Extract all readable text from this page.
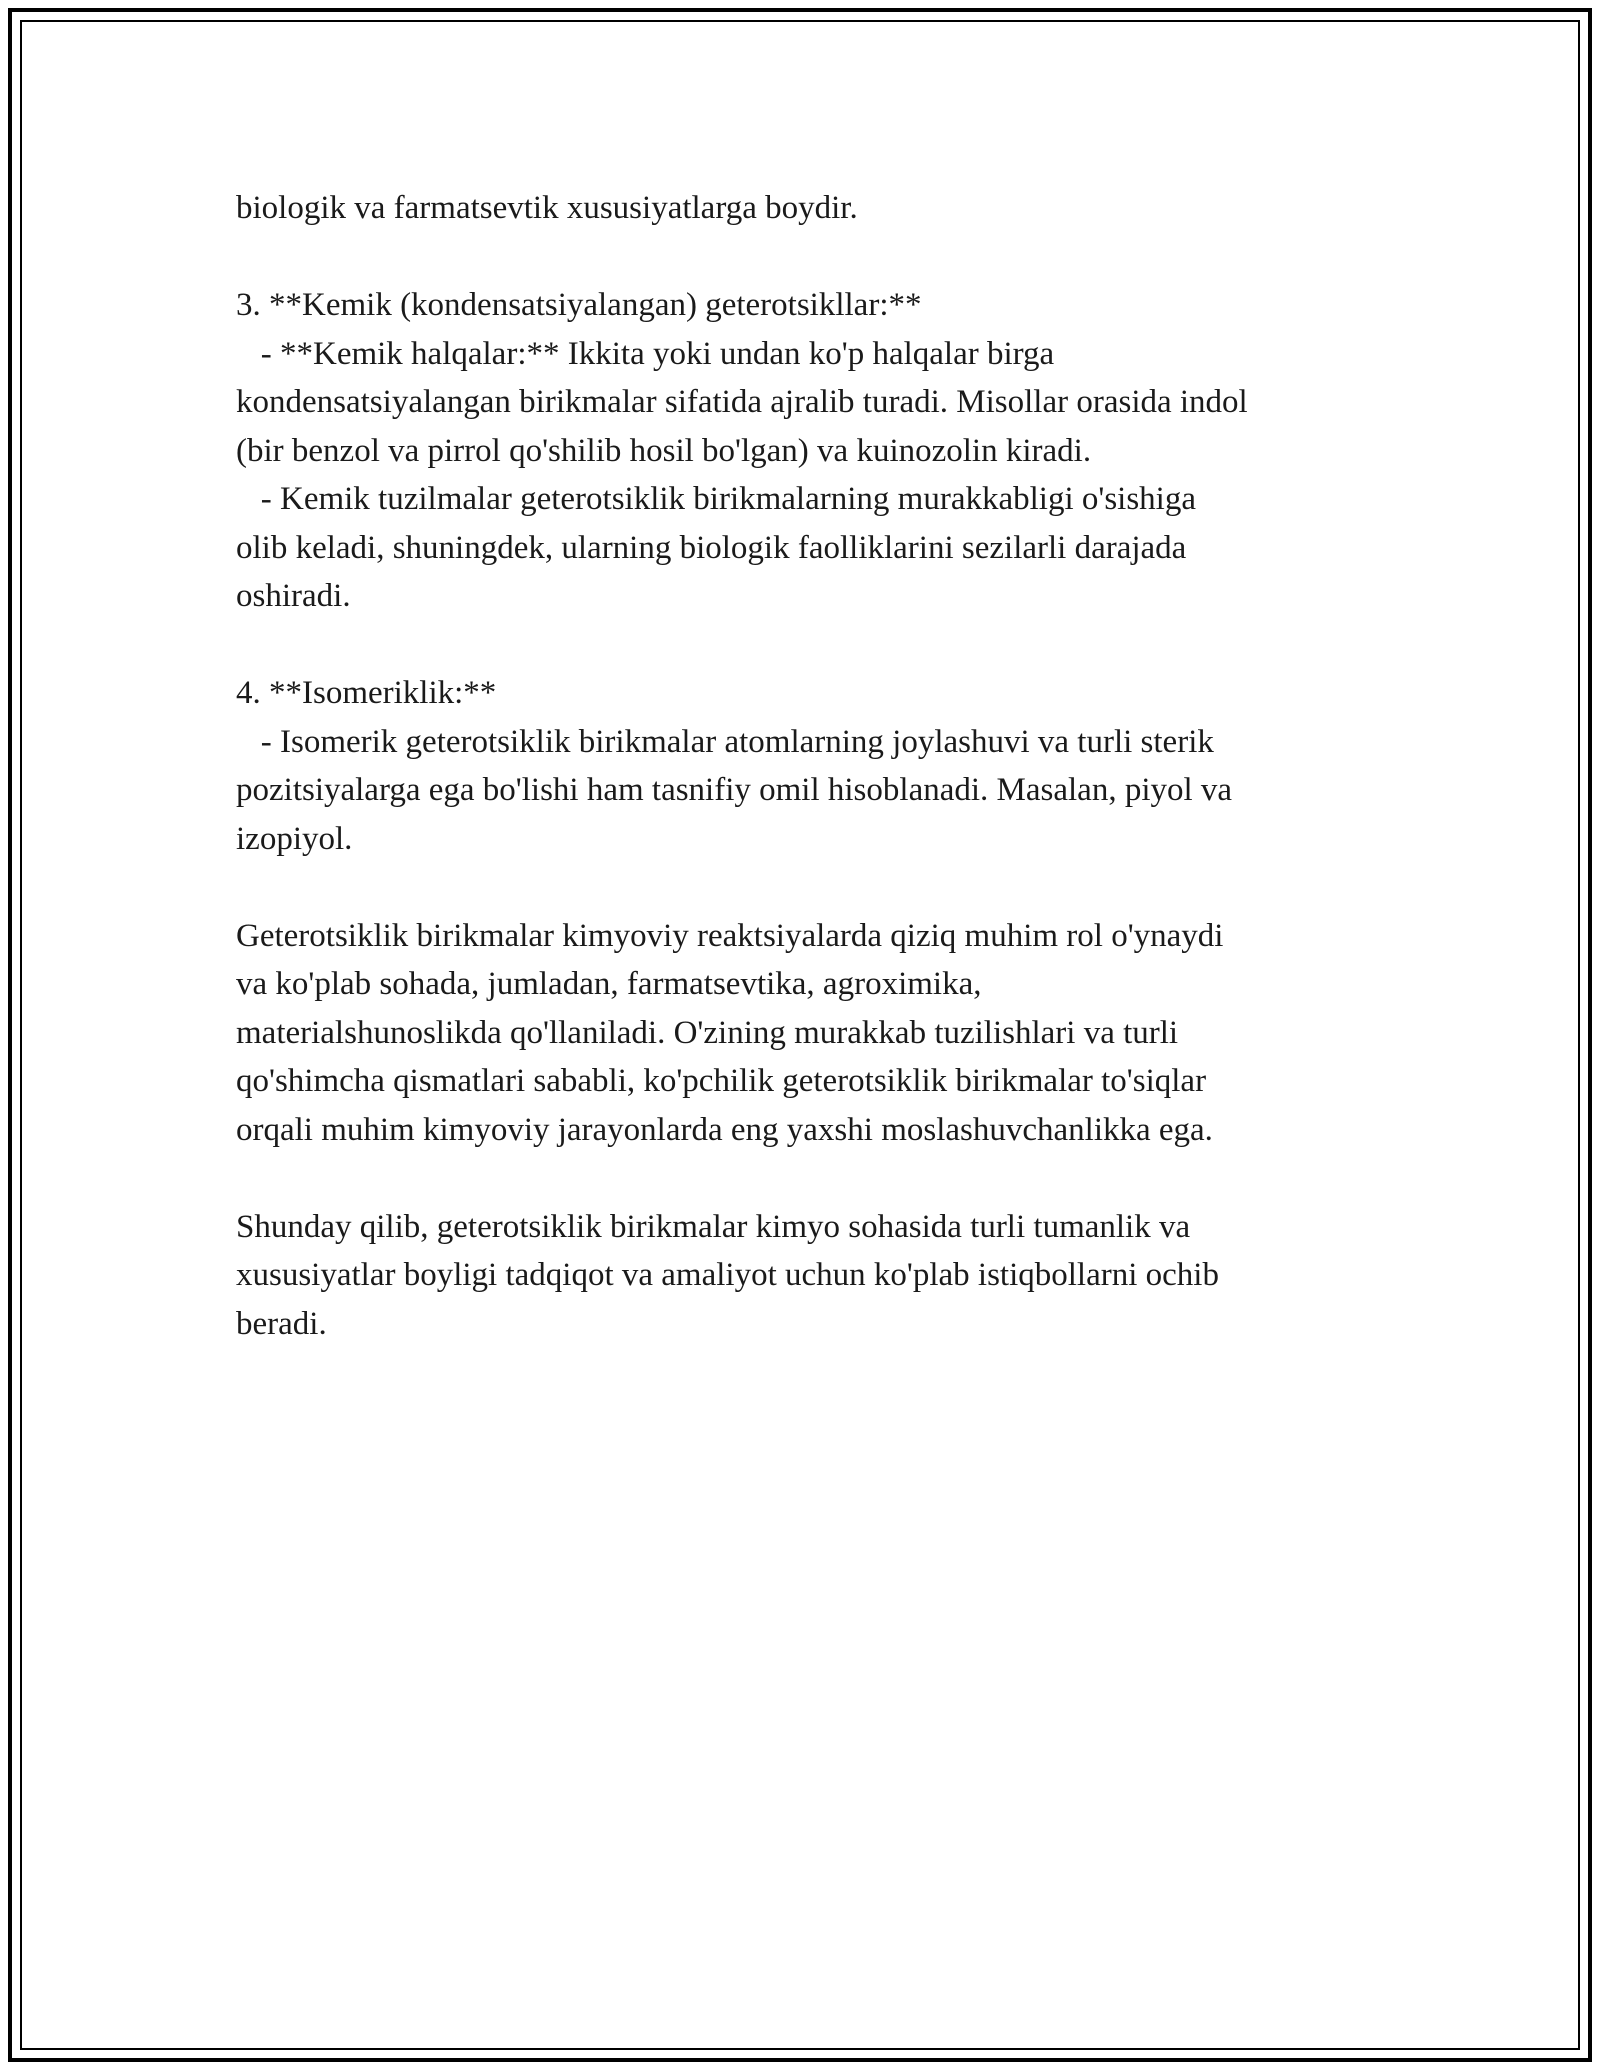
biologik va farmatsevtik xususiyatlarga boydir.
3. **Kemik (kondensatsiyalangan) geterotsikllar:**
- **Kemik halqalar:** Ikkita yoki undan ko'p halqalar birga
kondensatsiyalangan birikmalar sifatida ajralib turadi. Misollar orasida indol
(bir benzol va pirrol qo'shilib hosil bo'lgan) va kuinozolin kiradi.
- Kemik tuzilmalar geterotsiklik birikmalarning murakkabligi o'sishiga
olib keladi, shuningdek, ularning biologik faolliklarini sezilarli darajada
oshiradi.
4. **Isomeriklik:**
- Isomerik geterotsiklik birikmalar atomlarning joylashuvi va turli sterik
pozitsiyalarga ega bo'lishi ham tasnifiy omil hisoblanadi. Masalan, piyol va
izopiyol.
Geterotsiklik birikmalar kimyoviy reaktsiyalarda qiziq muhim rol o'ynaydi
va ko'plab sohada, jumladan, farmatsevtika, agroximika,
materialshunoslikda qo'llaniladi. O'zining murakkab tuzilishlari va turli
qo'shimcha qismatlari sababli, ko'pchilik geterotsiklik birikmalar to'siqlar
orqali muhim kimyoviy jarayonlarda eng yaxshi moslashuvchanlikka ega.
Shunday qilib, geterotsiklik birikmalar kimyo sohasida turli tumanlik va
xususiyatlar boyligi tadqiqot va amaliyot uchun ko'plab istiqbollarni ochib
beradi.
